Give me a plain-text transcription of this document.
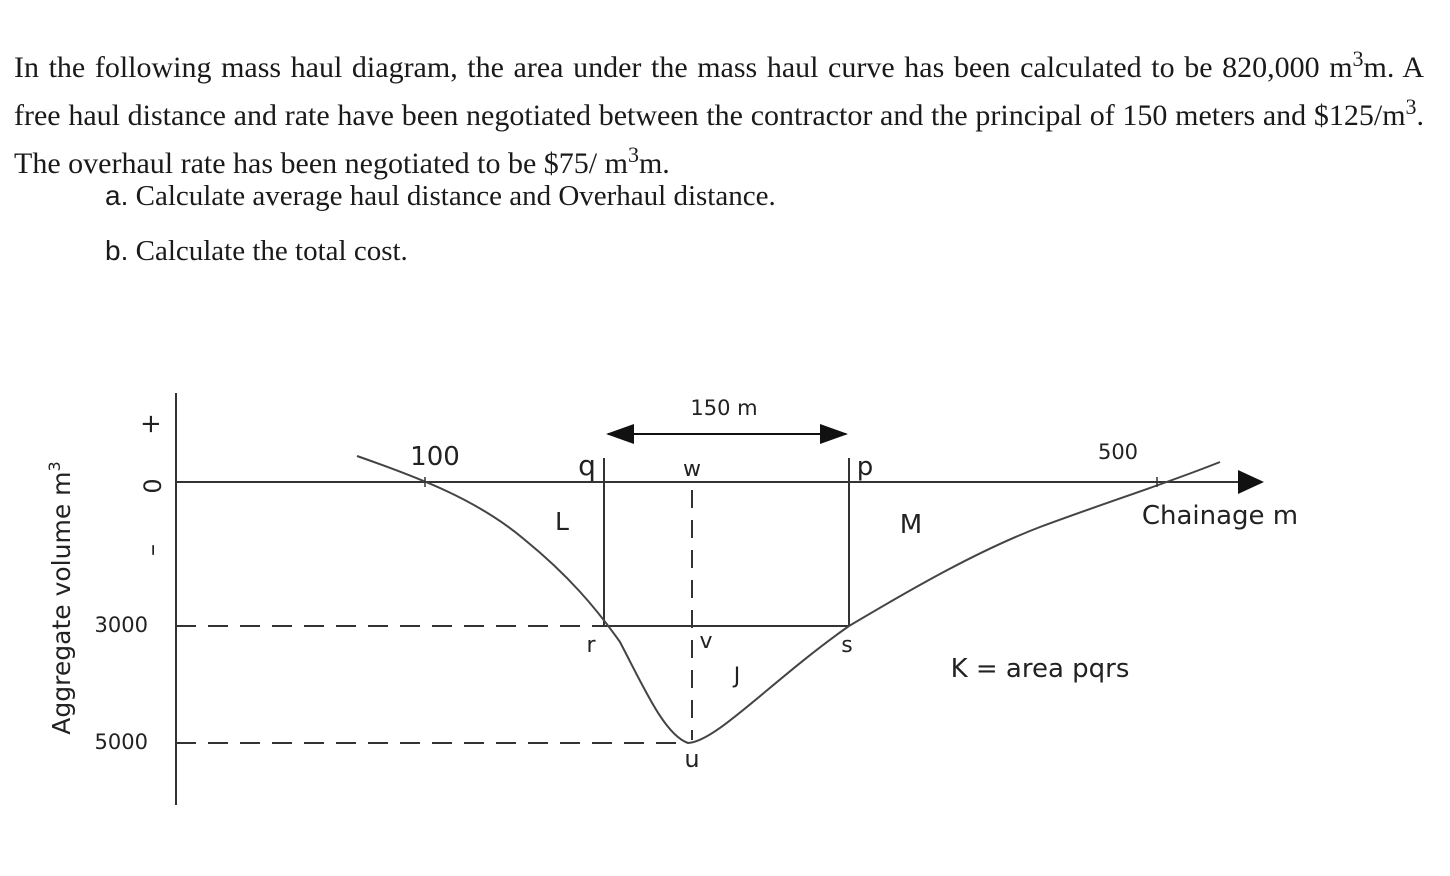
In the following mass haul diagram, the area under the mass haul curve has been calculated to be 820,000 $m^3m$. A free haul distance and rate have been negotiated between the contractor and the principal of 150 meters and $\$125/m^3$. The overhaul rate has been negotiated to be $75/ $m^3m$.

a. Calculate average haul distance and Overhaul distance.

b. Calculate the total cost.

150 m
+
0
–
3000
5000
Aggregate volume $m^3$	100	500
Chainage m
q	w	p
r	v	s
u
L	M
J	K = area pqrs
